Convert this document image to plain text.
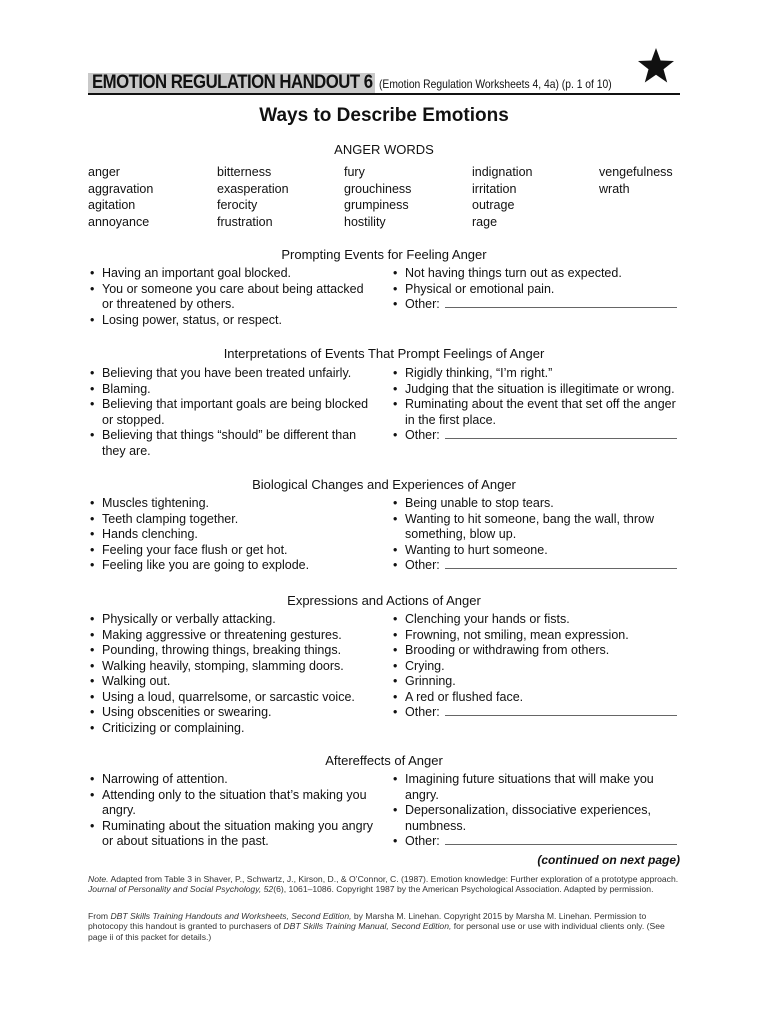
EMOTION REGULATION HANDOUT 6 (Emotion Regulation Worksheets 4, 4a) (p. 1 of 10)
Ways to Describe Emotions
ANGER WORDS
anger
aggravation
agitation
annoyance
bitterness
exasperation
ferocity
frustration
fury
grouchiness
grumpiness
hostility
indignation
irritation
outrage
rage
vengefulness
wrath
Prompting Events for Feeling Anger
• Having an important goal blocked.
• You or someone you care about being attacked or threatened by others.
• Losing power, status, or respect.
• Not having things turn out as expected.
• Physical or emotional pain.
• Other:
Interpretations of Events That Prompt Feelings of Anger
• Believing that you have been treated unfairly.
• Blaming.
• Believing that important goals are being blocked or stopped.
• Believing that things “should” be different than they are.
• Rigidly thinking, “I’m right.”
• Judging that the situation is illegitimate or wrong.
• Ruminating about the event that set off the anger in the first place.
• Other:
Biological Changes and Experiences of Anger
• Muscles tightening.
• Teeth clamping together.
• Hands clenching.
• Feeling your face flush or get hot.
• Feeling like you are going to explode.
• Being unable to stop tears.
• Wanting to hit someone, bang the wall, throw something, blow up.
• Wanting to hurt someone.
• Other:
Expressions and Actions of Anger
• Physically or verbally attacking.
• Making aggressive or threatening gestures.
• Pounding, throwing things, breaking things.
• Walking heavily, stomping, slamming doors.
• Walking out.
• Using a loud, quarrelsome, or sarcastic voice.
• Using obscenities or swearing.
• Criticizing or complaining.
• Clenching your hands or fists.
• Frowning, not smiling, mean expression.
• Brooding or withdrawing from others.
• Crying.
• Grinning.
• A red or flushed face.
• Other:
Aftereffects of Anger
• Narrowing of attention.
• Attending only to the situation that’s making you angry.
• Ruminating about the situation making you angry or about situations in the past.
• Imagining future situations that will make you angry.
• Depersonalization, dissociative experiences, numbness.
• Other:
(continued on next page)
Note. Adapted from Table 3 in Shaver, P., Schwartz, J., Kirson, D., & O’Connor, C. (1987). Emotion knowledge: Further exploration of a prototype approach. Journal of Personality and Social Psychology, 52(6), 1061–1086. Copyright 1987 by the American Psychological Association. Adapted by permission.
From DBT Skills Training Handouts and Worksheets, Second Edition, by Marsha M. Linehan. Copyright 2015 by Marsha M. Linehan. Permission to photocopy this handout is granted to purchasers of DBT Skills Training Manual, Second Edition, for personal use or use with individual clients only. (See page ii of this packet for details.)
